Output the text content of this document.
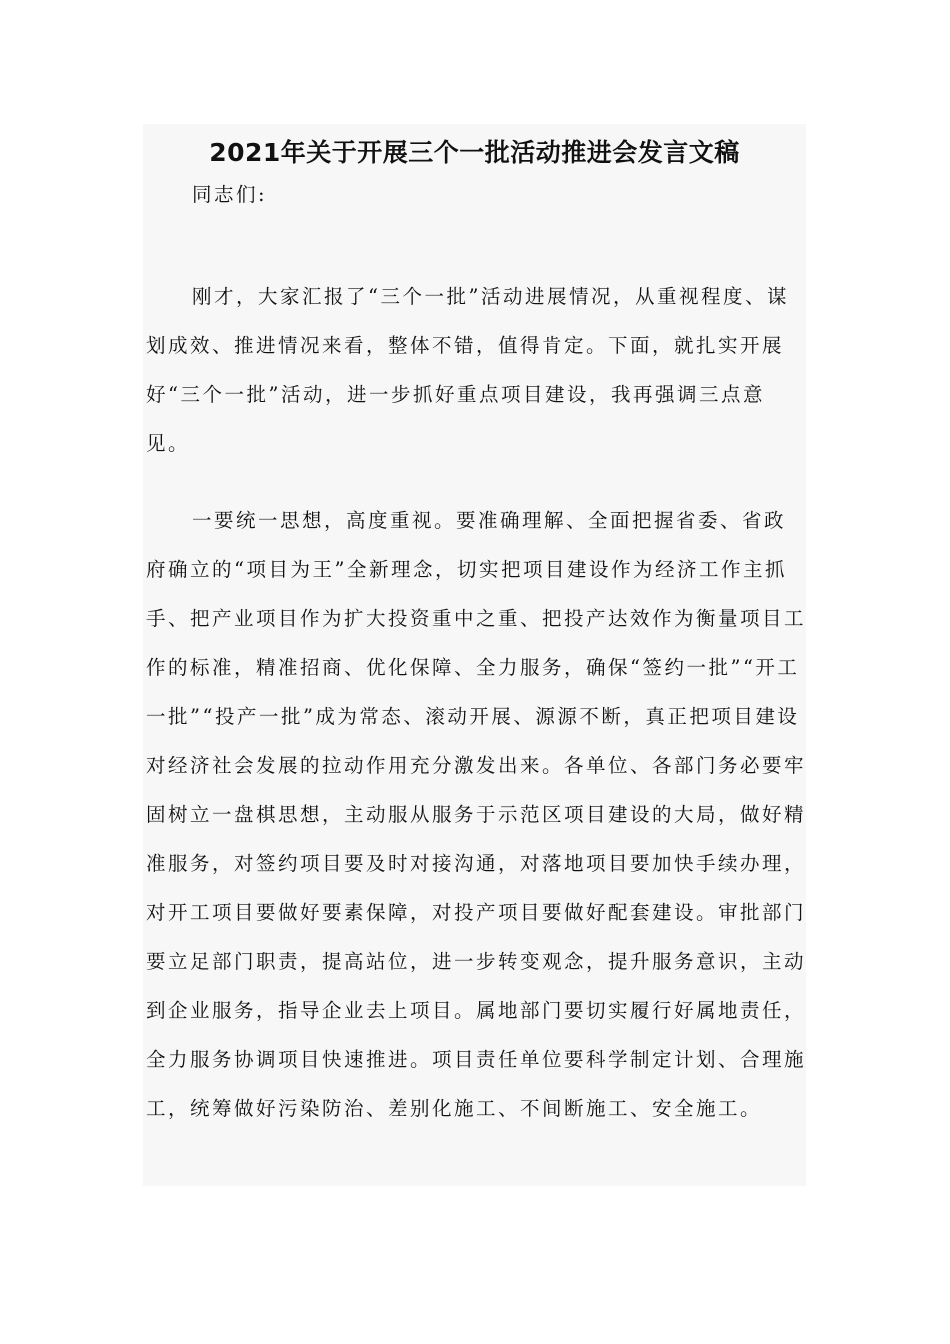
2021年关于开展三个一批活动推进会发言文稿

同志们:

刚才，大家汇报了“三个一批”活动进展情况，从重视程度、谋划成效、推进情况来看，整体不错，值得肯定。下面，就扎实开展好“三个一批”活动，进一步抓好重点项目建设，我再强调三点意见。

一要统一思想，高度重视。要准确理解、全面把握省委、省政府确立的“项目为王”全新理念，切实把项目建设作为经济工作主抓手、把产业项目作为扩大投资重中之重、把投产达效作为衡量项目工作的标准，精准招商、优化保障、全力服务，确保“签约一批”“开工一批”“投产一批”成为常态、滚动开展、源源不断，真正把项目建设对经济社会发展的拉动作用充分激发出来。各单位、各部门务必要牢固树立一盘棋思想，主动服从服务于示范区项目建设的大局，做好精准服务，对签约项目要及时对接沟通，对落地项目要加快手续办理，对开工项目要做好要素保障，对投产项目要做好配套建设。审批部门要立足部门职责，提高站位，进一步转变观念，提升服务意识，主动到企业服务，指导企业去上项目。属地部门要切实履行好属地责任，全力服务协调项目快速推进。项目责任单位要科学制定计划、合理施工，统筹做好污染防治、差别化施工、不间断施工、安全施工。
